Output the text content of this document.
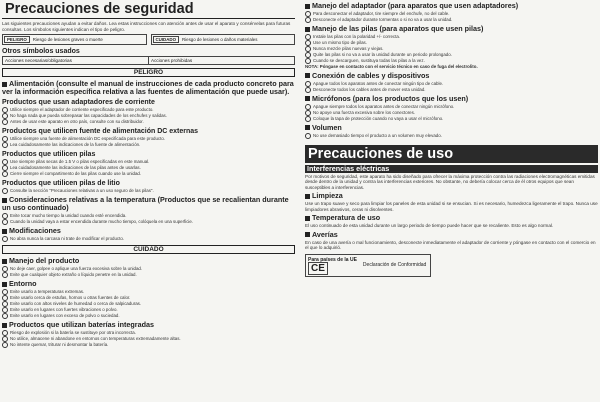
Precauciones de seguridad
Las siguientes precauciones ayudan a evitar daños. Lea estas instrucciones con atención antes de usar el aparato y consérvelas para futuras consultas. Los símbolos siguientes indican el tipo de peligro.
PELIGRO	Riesgo de lesiones graves o muerte	CUIDADO	Riesgo de lesiones o daños materiales
Otros símbolos usados
Acciones necesarias/obligatorias	Acciones prohibidas
PELIGRO
Alimentación (consulte el manual de instrucciones de cada producto concreto para ver la información específica relativa a las fuentes de alimentación que puede usar).
Productos que usan adaptadores de corriente
Utilice siempre el adaptador de corriente especificado para este producto.
No haga nada que pueda sobrepasar las capacidades de los enchufes y salidas.
Antes de usar este aparato en otro país, consulte con su distribuidor.
Productos que utilicen fuente de alimentación DC externas
Utilice siempre una fuente de alimentación DC especificada para este producto.
Lea cuidadosamente las indicaciones de la fuente de alimentación.
Productos que utilicen pilas
Use siempre pilas secas de 1.5 V o pilas especificadas en este manual.
Lea cuidadosamente las indicaciones de las pilas antes de usarlas.
Cierre siempre el compartimento de las pilas cuando use la unidad.
Productos que utilicen pilas de litio
Consulte la sección "Precauciones relativas a un uso seguro de las pilas".
Consideraciones relativas a la temperatura (Productos que se recalientan durante un uso continuado)
Evite tocar mucho tiempo la unidad cuando esté encendida.
Cuando la unidad vaya a estar encendida durante mucho tiempo, colóquela en una superficie.
Modificaciones
No abra nunca la carcasa ni trate de modificar el producto.
CUIDADO
Manejo del producto
No deje caer, golpee o aplique una fuerza excesiva sobre la unidad.
Evite que cualquier objeto extraño o líquido penetre en la unidad.
Entorno
Evite usarlo a temperaturas extremas.
Evite usarlo cerca de estufas, hornos u otras fuentes de calor.
Evite usarlo con altos niveles de humedad o cerca de salpicaduras.
Evite usarlo en lugares con fuertes vibraciones o polvo.
Evite usarlo en lugares con exceso de polvo o suciedad.
Productos que utilizan baterías integradas
Riesgo de explosión si la batería se sustituye por otra incorrecta.
No utilice, almacene ni abandone en entornos con temperaturas extremadamente altas.
No intente quemar, triturar ni desmontar la batería.
Manejo del adaptador (para aparatos que usen adaptadores)
Para desconectar el adaptador, tire siempre del enchufe, no del cable.
Desconecte el adaptador durante tormentas o si no va a usar la unidad.
Manejo de las pilas (para aparatos que usen pilas)
Instale las pilas con la polaridad +/- correcta.
Use un mismo tipo de pilas.
Nunca mezcle pilas nuevas y viejas.
Quite las pilas si no va a usar la unidad durante un periodo prolongado.
Cuando se descarguen, sustituya todas las pilas a la vez.
NOTA: Póngase en contacto con el servicio técnico en caso de fuga del electrolito.
Conexión de cables y dispositivos
Apague todos los aparatos antes de conectar ningún tipo de cable.
Desconecte todos los cables antes de mover esta unidad.
Micrófonos (para los productos que los usen)
Apague siempre todos los aparatos antes de conectar ningún micrófono.
No apoye una fuerza excesiva sobre los conectores.
Coloque la tapa de protección cuando no vaya a usar el micrófono.
Volumen
No use demasiado tiempo el producto a un volumen muy elevado.
Precauciones de uso
Interferencias eléctricas
Por motivos de seguridad, este aparato ha sido diseñado para ofrecer la máxima protección contra las radiaciones electromagnéticas emitidas desde dentro de la unidad y contra las interferencias exteriores. No obstante, no debería colocar cerca de él otros equipos que sean susceptibles a interferencias.
Limpieza
Use un trapo suave y seco para limpiar los paneles de esta unidad si se ensucian. Si es necesario, humedezca ligeramente el trapo. Nunca use limpiadores abrasivos, ceras ni disolventes.
Temperatura de uso
El uso continuado de esta unidad durante un largo periodo de tiempo puede hacer que se recaliente. Esto es algo normal.
Averías
En caso de una avería o mal funcionamiento, desconecte inmediatamente el adaptador de corriente y póngase en contacto con el comercio en el que lo adquirió.
Para países de la UE
CE	Declaración de Conformidad
